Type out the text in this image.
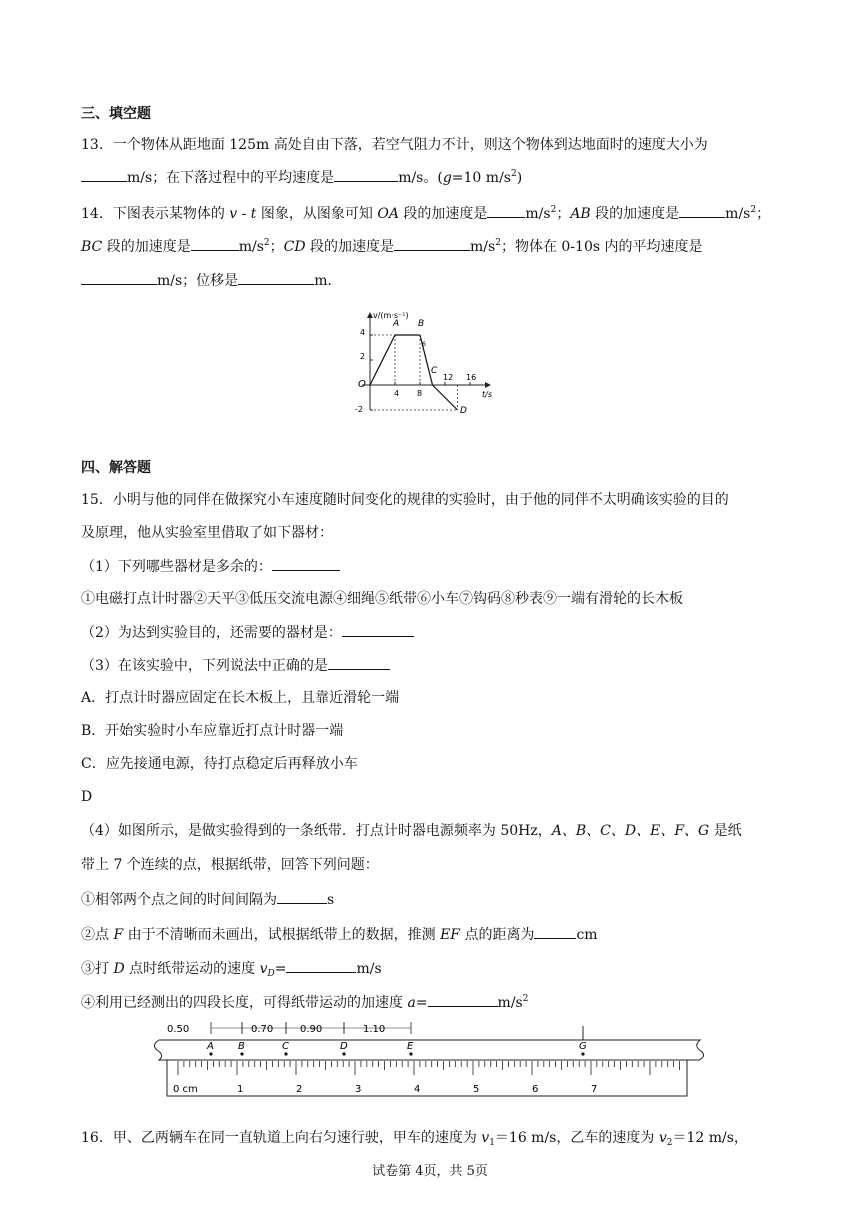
三、填空题
13．一个物体从距地面 125m 高处自由下落，若空气阻力不计，则这个物体到达地面时的速度大小为
m/s；在下落过程中的平均速度是	m/s。(g=10 $m/s^2$)
14．下图表示某物体的 v - t 图象，从图象可知 OA 段的加速度是	$m/s^2$；AB 段的加速度是	$m/s^2$；
BC 段的加速度是	$m/s^2$；CD 段的加速度是	$m/s^2$；物体在 0-10s 内的平均速度是
m/s；位移是	m．
v/(m·s⁻¹)
t/s
O
4
2
-2
4 8
12 16
A B
6
C
D
四、解答题
15．小明与他的同伴在做探究小车速度随时间变化的规律的实验时，由于他的同伴不太明确该实验的目的
及原理，他从实验室里借取了如下器材：
（1）下列哪些器材是多余的：
①电磁打点计时器②天平③低压交流电源④细绳⑤纸带⑥小车⑦钩码⑧秒表⑨一端有滑轮的长木板
（2）为达到实验目的，还需要的器材是：
（3）在该实验中，下列说法中正确的是
A．打点计时器应固定在长木板上，且靠近滑轮一端
B．开始实验时小车应靠近打点计时器一端
C．应先接通电源，待打点稳定后再释放小车
D
（4）如图所示，是做实验得到的一条纸带．打点计时器电源频率为 50Hz，A、B、C、D、E、F、G 是纸
带上 7 个连续的点，根据纸带，回答下列问题：
①相邻两个点之间的时间间隔为	s
②点 F 由于不清晰而未画出，试根据纸带上的数据，推测 EF 点的距离为	cm
③打 D 点时纸带运动的速度 $v_D=$	m/s
④利用已经测出的四段长度，可得纸带运动的加速度 a=	$m/s^2$
0.50	0.70	0.90	1.10
A B	C	D	E	G
0 cm	1	2	3	4	5	6	7
16．甲、乙两辆车在同一直轨道上向右匀速行驶，甲车的速度为 $v_1=16$ m/s，乙车的速度为 $v_2=12$ m/s，
试卷第 4页，共 5页
